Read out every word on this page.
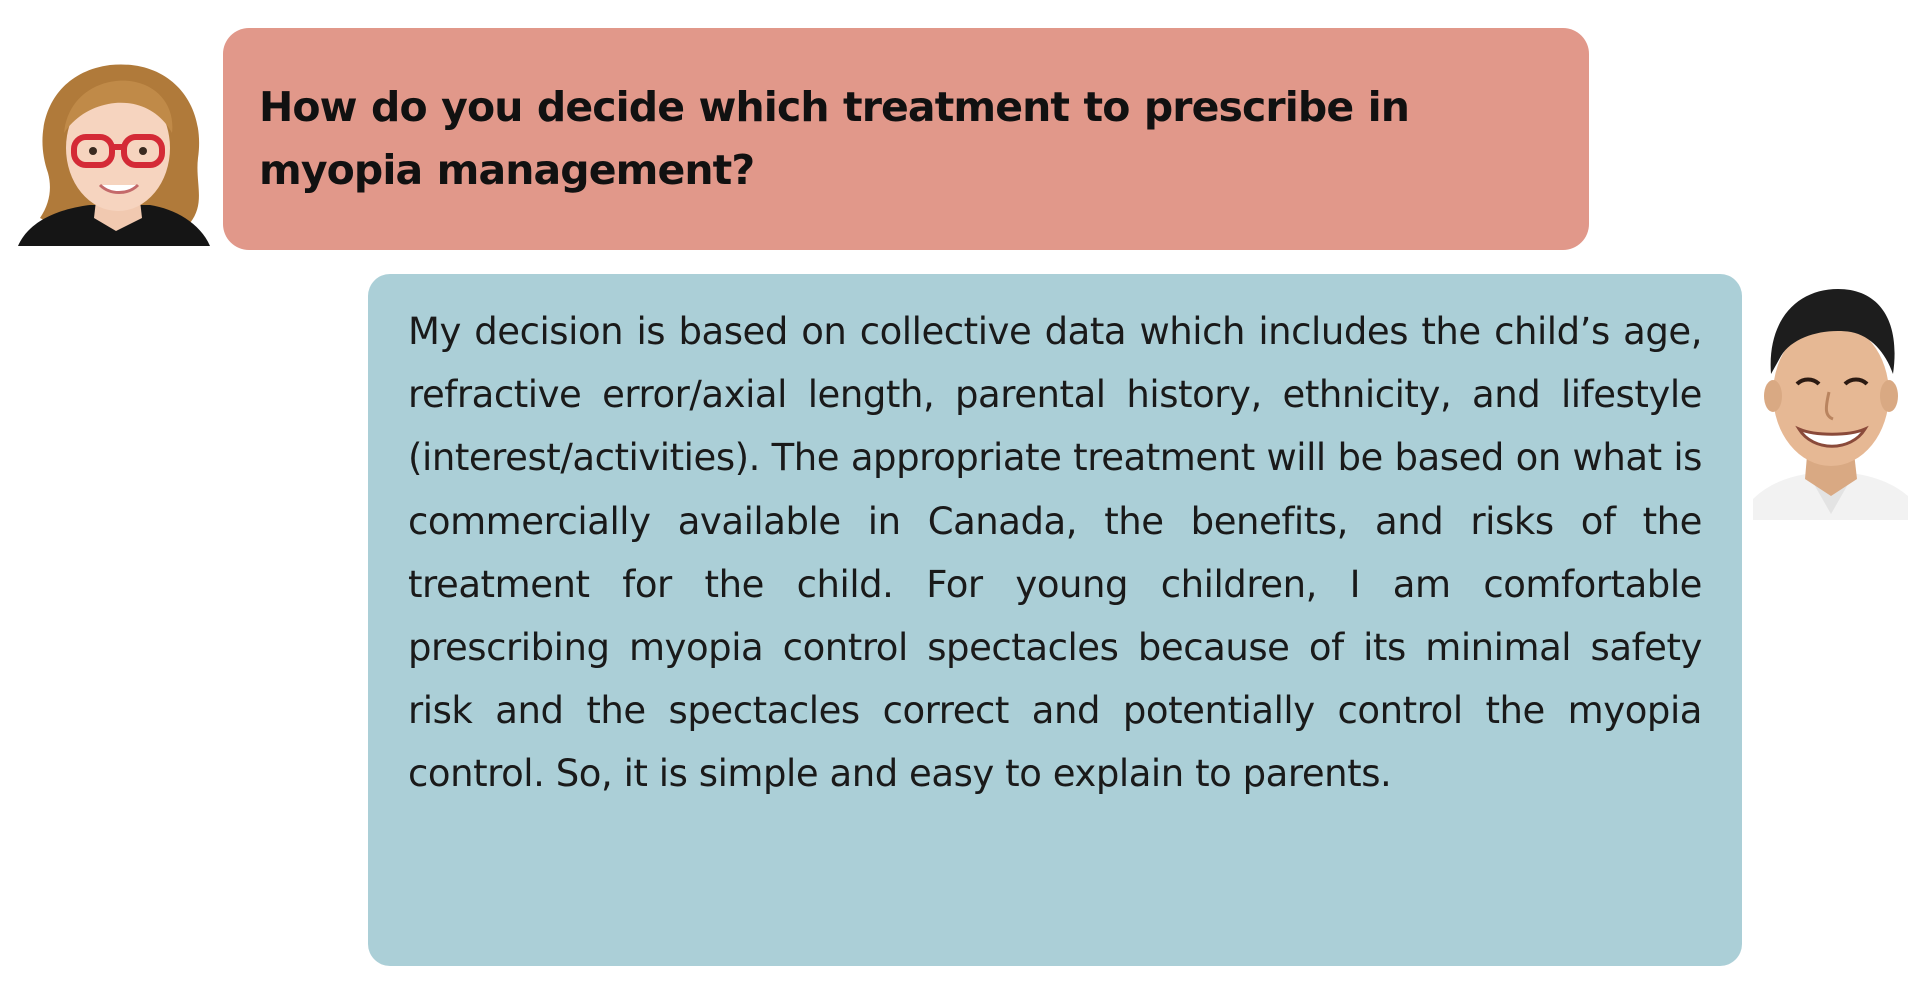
How do you decide which treatment to prescribe in myopia management?

My decision is based on collective data which includes the child’s age, refractive error/axial length, parental history, ethnicity, and lifestyle (interest/activities). The appropriate treatment will be based on what is commercially available in Canada, the benefits, and risks of the treatment for the child. For young children, I am comfortable prescribing myopia control spectacles because of its minimal safety risk and the spectacles correct and potentially control the myopia control. So, it is simple and easy to explain to parents.
